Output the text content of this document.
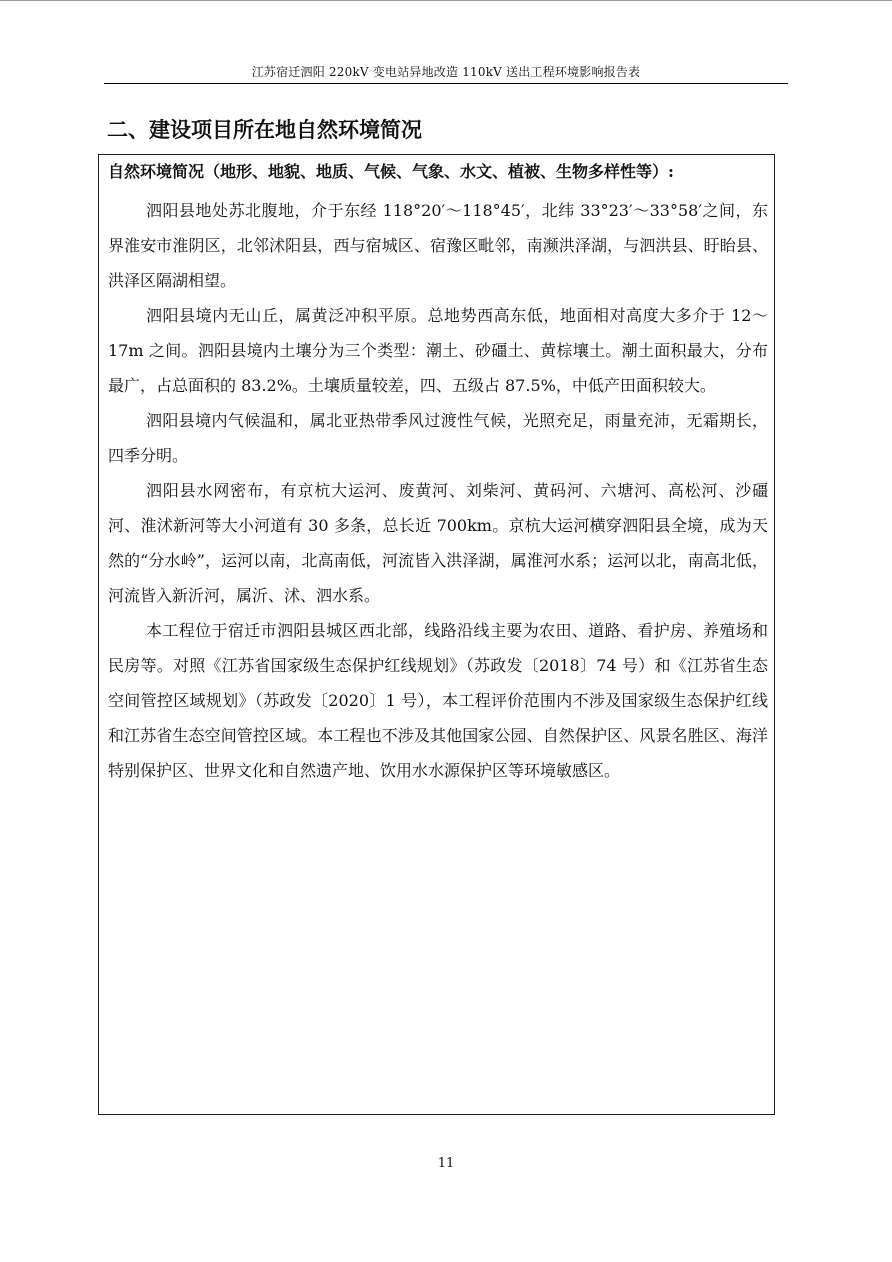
江苏宿迁泗阳 220kV 变电站异地改造 110kV 送出工程环境影响报告表
二、建设项目所在地自然环境简况
自然环境简况（地形、地貌、地质、气候、气象、水文、植被、生物多样性等）:

泗阳县地处苏北腹地，介于东经 118°20′～118°45′，北纬 33°23′～33°58′之间，东界淮安市淮阴区，北邻沭阳县，西与宿城区、宿豫区毗邻，南濒洪泽湖，与泗洪县、盱眙县、洪泽区隔湖相望。

泗阳县境内无山丘，属黄泛冲积平原。总地势西高东低，地面相对高度大多介于 12～17m 之间。泗阳县境内土壤分为三个类型：潮土、砂礓土、黄棕壤土。潮土面积最大，分布最广，占总面积的 83.2%。土壤质量较差，四、五级占 87.5%，中低产田面积较大。

泗阳县境内气候温和，属北亚热带季风过渡性气候，光照充足，雨量充沛，无霜期长，四季分明。

泗阳县水网密布，有京杭大运河、废黄河、刘柴河、黄码河、六塘河、高松河、沙礓河、淮沭新河等大小河道有 30 多条，总长近 700km。京杭大运河横穿泗阳县全境，成为天然的“分水岭”，运河以南，北高南低，河流皆入洪泽湖，属淮河水系；运河以北，南高北低，河流皆入新沂河，属沂、沭、泗水系。

本工程位于宿迁市泗阳县城区西北部，线路沿线主要为农田、道路、看护房、养殖场和民房等。对照《江苏省国家级生态保护红线规划》（苏政发〔2018〕74 号）和《江苏省生态空间管控区域规划》（苏政发〔2020〕1 号），本工程评价范围内不涉及国家级生态保护红线和江苏省生态空间管控区域。本工程也不涉及其他国家公园、自然保护区、风景名胜区、海洋特别保护区、世界文化和自然遗产地、饮用水水源保护区等环境敏感区。

11
